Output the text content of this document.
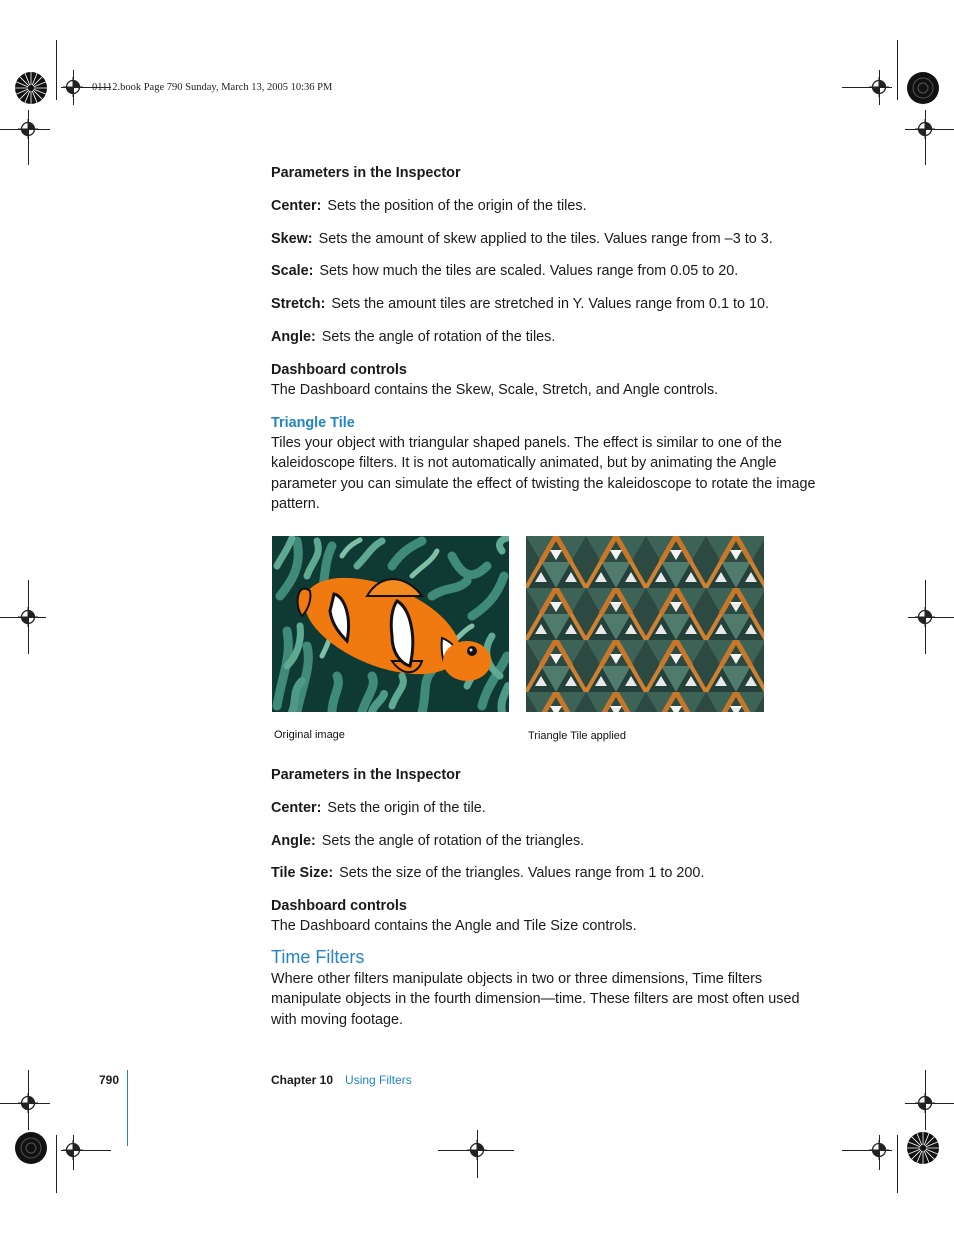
01112.book Page 790 Sunday, March 13, 2005 10:36 PM
Parameters in the Inspector
Center: Sets the position of the origin of the tiles.
Skew: Sets the amount of skew applied to the tiles. Values range from –3 to 3.
Scale: Sets how much the tiles are scaled. Values range from 0.05 to 20.
Stretch: Sets the amount tiles are stretched in Y. Values range from 0.1 to 10.
Angle: Sets the angle of rotation of the tiles.
Dashboard controls
The Dashboard contains the Skew, Scale, Stretch, and Angle controls.
Triangle Tile
Tiles your object with triangular shaped panels. The effect is similar to one of the kaleidoscope filters. It is not automatically animated, but by animating the Angle parameter you can simulate the effect of twisting the kaleidoscope to rotate the image pattern.
Original image	Triangle Tile applied
Parameters in the Inspector
Center: Sets the origin of the tile.
Angle: Sets the angle of rotation of the triangles.
Tile Size: Sets the size of the triangles. Values range from 1 to 200.
Dashboard controls
The Dashboard contains the Angle and Tile Size controls.
Time Filters
Where other filters manipulate objects in two or three dimensions, Time filters manipulate objects in the fourth dimension—time. These filters are most often used with moving footage.
790	Chapter 10 Using Filters
